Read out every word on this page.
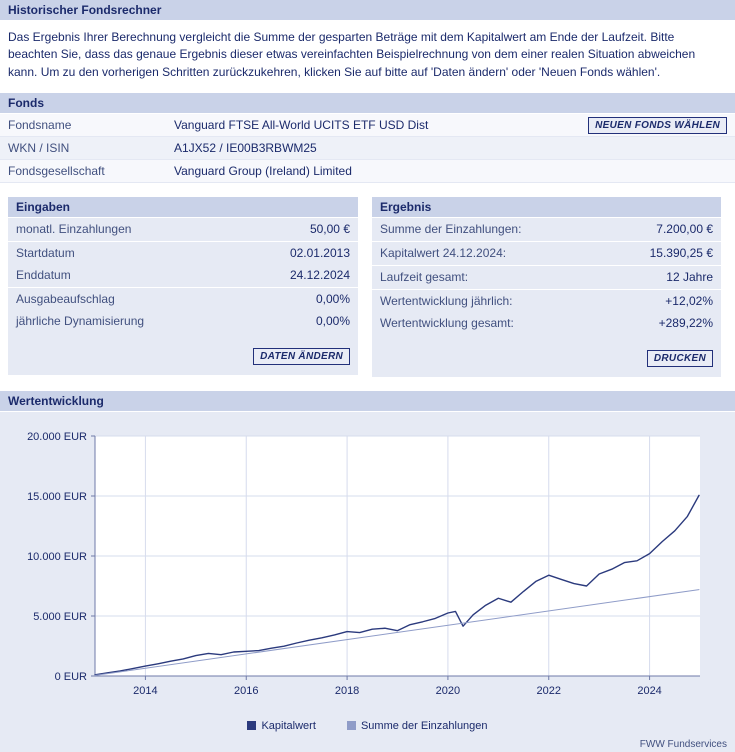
Historischer Fondsrechner
Das Ergebnis Ihrer Berechnung vergleicht die Summe der gesparten Beträge mit dem Kapitalwert am Ende der Laufzeit. Bitte beachten Sie, dass das genaue Ergebnis dieser etwas vereinfachten Beispielrechnung von dem einer realen Situation abweichen kann. Um zu den vorherigen Schritten zurückzukehren, klicken Sie auf bitte auf 'Daten ändern' oder 'Neuen Fonds wählen'.
Fonds
Fondsname	Vanguard FTSE All-World UCITS ETF USD Dist
WKN / ISIN	A1JX52 / IE00B3RBWM25
Fondsgesellschaft	Vanguard Group (Ireland) Limited
NEUEN FONDS WÄHLEN
Eingaben
monatl. Einzahlungen	50,00 €

Startdatum	02.01.2013
Enddatum	24.12.2024

Ausgabeaufschlag	0,00%
jährliche Dynamisierung	0,00%

DATEN ÄNDERN
Ergebnis
Summe der Einzahlungen:	7.200,00 €

Kapitalwert 24.12.2024:	15.390,25 €

Laufzeit gesamt:	12 Jahre

Wertentwicklung jährlich:	+12,02%
Wertentwicklung gesamt:	+289,22%

DRUCKEN
Wertentwicklung
0 EUR
5.000 EUR
10.000 EUR
15.000 EUR
20.000 EUR
2014	2016	2018	2020	2022	2024
Kapitalwert	Summe der Einzahlungen
FWW Fundservices
